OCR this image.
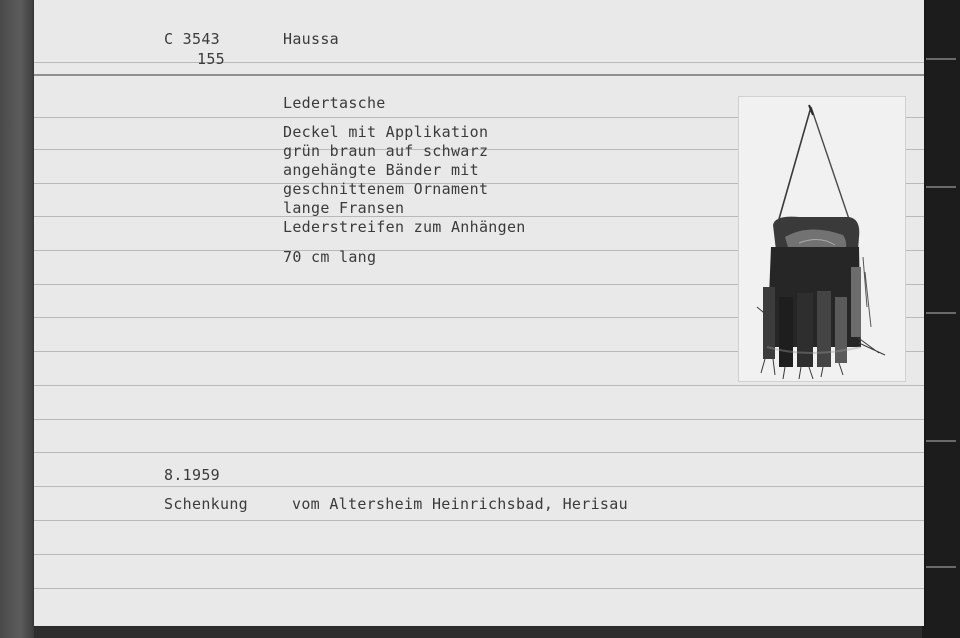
C 3543
155
Haussa
Ledertasche
Deckel mit Applikation
grün braun auf schwarz
angehängte Bänder mit
geschnittenem Ornament
lange Fransen
Lederstreifen zum Anhängen
70 cm lang
8.1959
Schenkung	vom Altersheim Heinrichsbad, Herisau
